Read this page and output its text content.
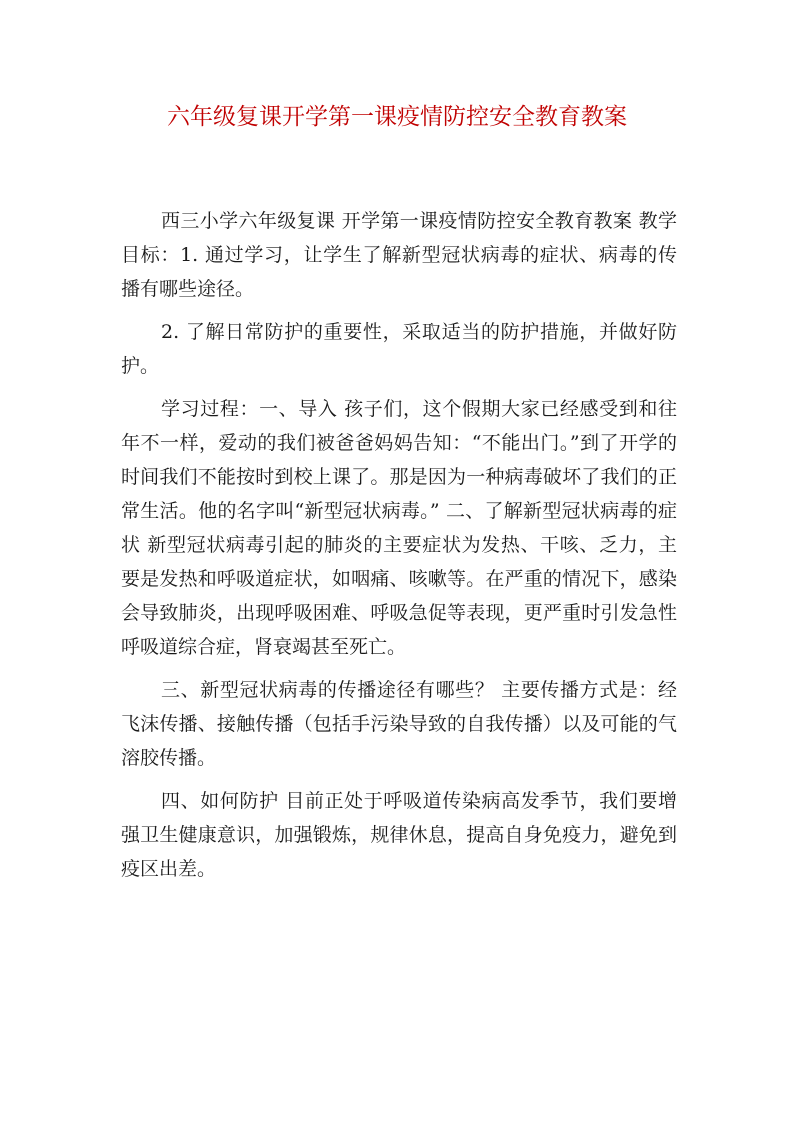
六年级复课开学第一课疫情防控安全教育教案

西三小学六年级复课 开学第一课疫情防控安全教育教案 教学目标：1. 通过学习，让学生了解新型冠状病毒的症状、病毒的传播有哪些途径。

2. 了解日常防护的重要性，采取适当的防护措施，并做好防护。

学习过程：一、导入 孩子们，这个假期大家已经感受到和往年不一样，爱动的我们被爸爸妈妈告知：“不能出门。”到了开学的时间我们不能按时到校上课了。那是因为一种病毒破坏了我们的正常生活。他的名字叫“新型冠状病毒。” 二、了解新型冠状病毒的症状 新型冠状病毒引起的肺炎的主要症状为发热、干咳、乏力，主要是发热和呼吸道症状，如咽痛、咳嗽等。在严重的情况下，感染会导致肺炎，出现呼吸困难、呼吸急促等表现，更严重时引发急性呼吸道综合症，肾衰竭甚至死亡。

三、新型冠状病毒的传播途径有哪些？ 主要传播方式是：经飞沫传播、接触传播（包括手污染导致的自我传播）以及可能的气溶胶传播。

四、如何防护 目前正处于呼吸道传染病高发季节，我们要增强卫生健康意识，加强锻炼，规律休息，提高自身免疫力，避免到疫区出差。
